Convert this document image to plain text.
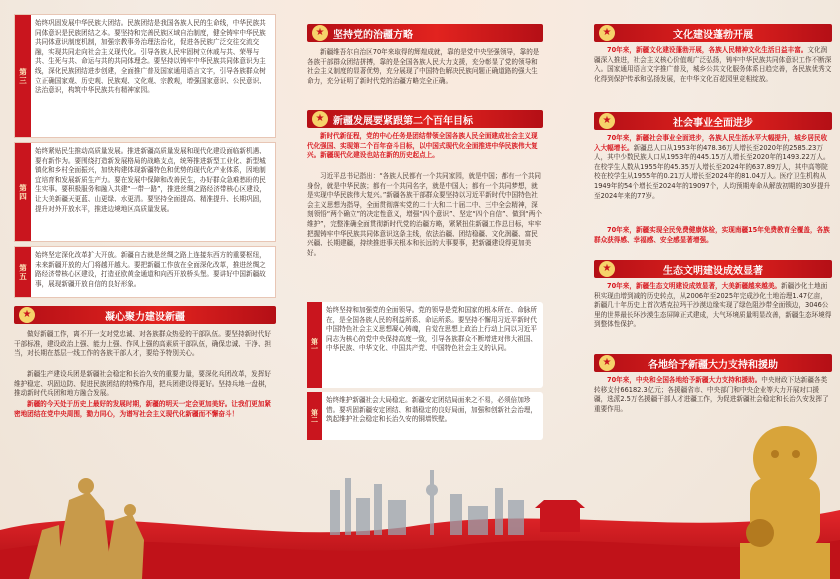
第三
始终巩固发展中华民族大团结。民族团结是我国各族人民的生命线，中华民族共同体意识是民族团结之本。要坚持和完善民族区域自治制度，健全铸牢中华民族共同体意识制度机制，加强宗教事务治理法治化，促进各民族广泛交往交流交融，实现共同走向社会主义现代化。引导各族人民牢固树立休戚与共、荣辱与共、生死与共、命运与共的共同体理念。要坚持以铸牢中华民族共同体意识为主线，深化民族团结进步创建，全面推广普及国家通用语言文字，引导各族群众树立正确国家观、历史观、民族观、文化观、宗教观，增强国家意识、公民意识、法治意识，构筑中华民族共有精神家园。
第四
始终紧贴民生推动高质量发展。推进新疆高质量发展和现代化建设面临新机遇、要有新作为。要围绕打造新发展格局的战略支点，统筹推进新型工业化、新型城镇化和乡村全面振兴，加快构建体现新疆特色和优势的现代化产业体系，因地制宜培育和发展新质生产力。要在发展中保障和改善民生，办好群众急难愁盼的民生实事。要积极服务和融入共建“一带一路”，推进丝绸之路经济带核心区建设，让大美新疆天更蓝、山更绿、水更清。要坚持全面提高、精准提升、长期巩固，提升对外开放水平，推进边境地区高质量发展。
第五
始终坚定深化改革扩大开放。新疆自古就是丝绸之路上连接东西方的重要枢纽，未来新疆开放的大门将越开越大。要把新疆工作放在全面深化改革，推进丝绸之路经济带核心区建设，打造亚欧黄金通道和向西开放桥头堡。要讲好中国新疆故事，展现新疆开放自信的良好形象。
★	凝心聚力建设新疆
做好新疆工作，离不开一支对党忠诚、对各族群众热爱的干部队伍。要坚持新时代好干部标准，建设政治上强、能力上强、作风上强的高素质干部队伍，确保忠诚、干净、担当，对长期在基层一线工作的各族干部人才，要给予特别关心。
新疆生产建设兵团是新疆社会稳定和长治久安的重要力量，要深化兵团改革，发挥好维护稳定、巩固边防、促进民族团结的特殊作用，把兵团建设得更好。坚持兵地一盘棋，推动新时代兵团和地方融合发展。
新疆的今天处于历史上最好的发展时期，新疆的明天一定会更加美好。让我们更加紧密地团结在党中央周围，勠力同心，为谱写社会主义现代化新疆而不懈奋斗！
★ 坚持党的治疆方略
新疆维吾尔自治区70年来取得的辉煌成就，靠的是党中央坚强领导，靠的是各族干部群众团结拼搏，靠的是全国各族人民大力支援，充分彰显了党的领导和社会主义制度的显著优势，充分展现了中国特色解决民族问题正确道路的强大生命力，充分证明了新时代党的治疆方略完全正确。
★ 新疆发展要紧跟第二个百年目标
新时代新征程，党的中心任务是团结带领全国各族人民全面建成社会主义现代化强国、实现第二个百年奋斗目标，以中国式现代化全面推进中华民族伟大复兴。新疆现代化建设也站在新的历史起点上。
习近平总书记指出：“各族人民都有一个共同家园，就是中国；都有一个共同身份，就是中华民族；都有一个共同名字，就是中国人；都有一个共同梦想，就是实现中华民族伟大复兴。”新疆各族干部群众要坚持以习近平新时代中国特色社会主义思想为指导，全面贯彻落实党的二十大和二十届二中、三中全会精神，深刻领悟“两个确立”的决定性意义，增强“四个意识”、坚定“四个自信”、做到“两个维护”，完整准确全面贯彻新时代党的治疆方略，紧紧扭住新疆工作总目标，牢牢把握铸牢中华民族共同体意识这条主线，依法治疆、团结稳疆、文化润疆、富民兴疆、长期建疆，持续推进事关根本和长远的大事要事，把新疆建设得更加美好。
第一
始终坚持和加强党的全面领导。党的领导是党和国家的根本所在、命脉所在，是全国各族人民的利益所系、命运所系。要坚持不懈用习近平新时代中国特色社会主义思想凝心铸魂，自觉在思想上政治上行动上同以习近平同志为核心的党中央保持高度一致，引导各族群众不断增进对伟大祖国、中华民族、中华文化、中国共产党、中国特色社会主义的认同。
第二
始终维护新疆社会大局稳定。新疆安定团结局面来之不易，必须倍加珍惜。要巩固新疆安定团结、和谐稳定的良好局面，加强和创新社会治理，筑起维护社会稳定和长治久安的铜墙铁壁。
★	文化建设蓬勃开展
70年来，新疆文化建设蓬勃开展，各族人民精神文化生活日益丰富。文化润疆深入推进，社会主义核心价值观广泛弘扬，铸牢中华民族共同体意识工作不断深入。国家通用语言文字推广普及，城乡公共文化服务体系日趋完善，各民族优秀文化得到保护传承和弘扬发展，在中华文化百花园里竞相绽放。
★	社会事业全面进步
70年来，新疆社会事业全面进步，各族人民生活水平大幅提升，城乡居民收入大幅增长。新疆总人口从1953年的478.36万人增长至2020年的2585.23万人，其中少数民族人口从1953年的445.15万人增长至2020年的1493.22万人。在校学生人数从1955年的45.35万人增长至2024年的637.89万人，其中高等院校在校学生从1955年的0.21万人增长至2024年的81.04万人。医疗卫生机构从1949年的54个增长至2024年的19097个，人均预期寿命从解放初期的30岁提升至2024年来的77岁。
70年来，新疆实现全民免费健康体检，实现南疆15年免费教育全覆盖，各族群众获得感、幸福感、安全感显著增强。
★	生态文明建设成效显著
70年来，新疆生态文明建设成效显著，大美新疆越来越美。新疆沙化土地面积实现由增到减的历史转点，从2006年至2025年完成沙化土地治理1.47亿亩，新疆几十年历史上首次塔克拉玛干沙漠边缘实现了绿色阻沙带全面锁边，3046公里的世界最长环沙漠生态屏障正式建成，大气环境质量明显改善，新疆生态环境得到整体性保护。
★	各地给予新疆大力支持和援助
70年来，中央和全国各地给予新疆大力支持和援助。中央财政下达新疆各类转移支付66182.3亿元；各援疆省市、中央部门和中央企业等大力开展对口援疆，选派2.5万名援疆干部人才进疆工作，为促进新疆社会稳定和长治久安发挥了重要作用。
